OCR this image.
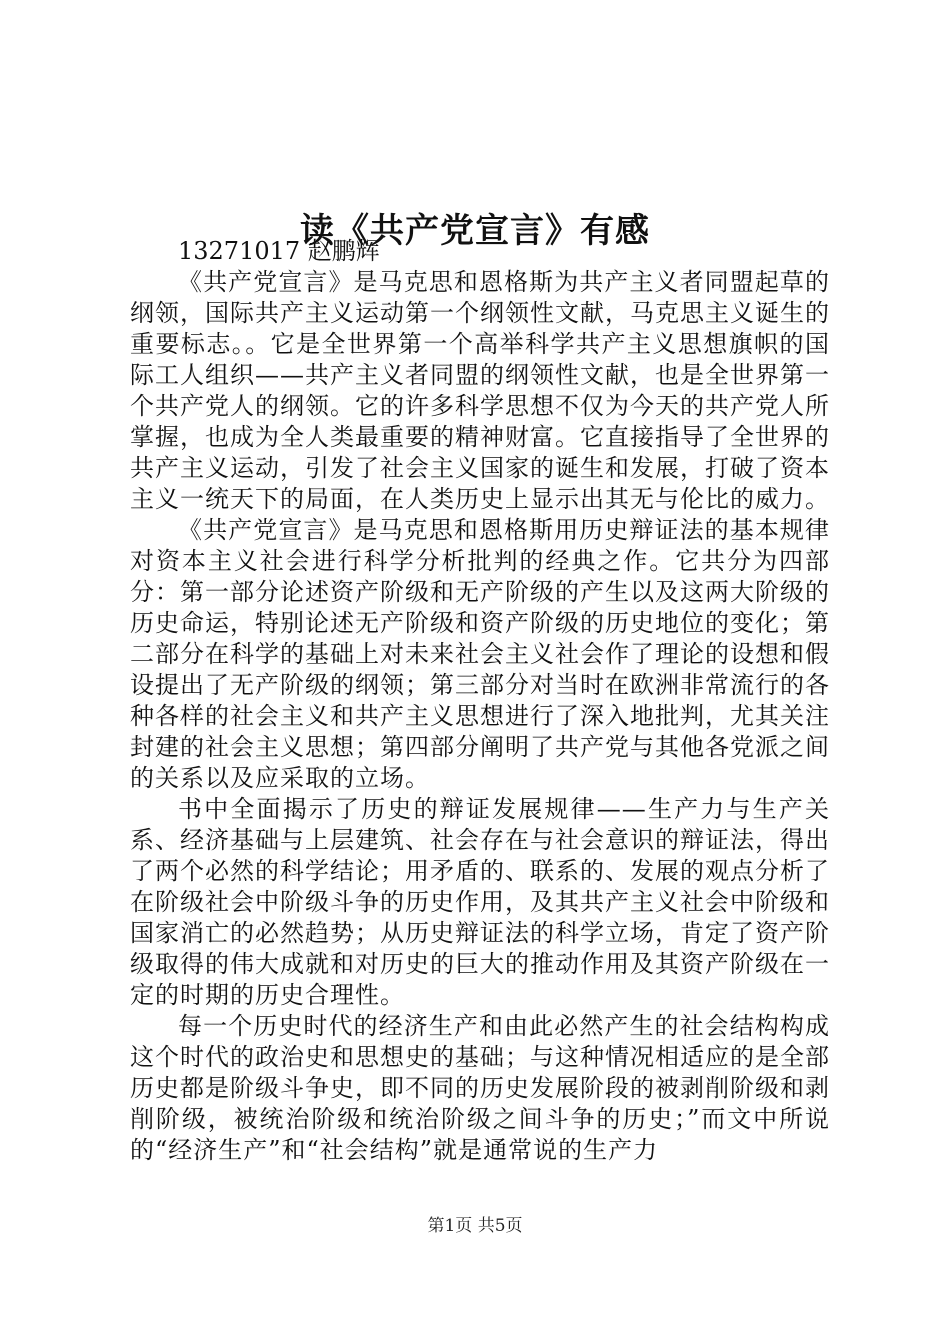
读《共产党宣言》有感

13271017 赵鹏辉

《共产党宣言》是马克思和恩格斯为共产主义者同盟起草的纲领，国际共产主义运动第一个纲领性文献，马克思主义诞生的重要标志。。它是全世界第一个高举科学共产主义思想旗帜的国际工人组织——共产主义者同盟的纲领性文献，也是全世界第一个共产党人的纲领。它的许多科学思想不仅为今天的共产党人所掌握，也成为全人类最重要的精神财富。它直接指导了全世界的共产主义运动，引发了社会主义国家的诞生和发展，打破了资本主义一统天下的局面，在人类历史上显示出其无与伦比的威力。

《共产党宣言》是马克思和恩格斯用历史辩证法的基本规律对资本主义社会进行科学分析批判的经典之作。它共分为四部分：第一部分论述资产阶级和无产阶级的产生以及这两大阶级的历史命运，特别论述无产阶级和资产阶级的历史地位的变化；第二部分在科学的基础上对未来社会主义社会作了理论的设想和假设提出了无产阶级的纲领；第三部分对当时在欧洲非常流行的各种各样的社会主义和共产主义思想进行了深入地批判，尤其关注封建的社会主义思想；第四部分阐明了共产党与其他各党派之间的关系以及应采取的立场。

书中全面揭示了历史的辩证发展规律——生产力与生产关系、经济基础与上层建筑、社会存在与社会意识的辩证法，得出了两个必然的科学结论；用矛盾的、联系的、发展的观点分析了在阶级社会中阶级斗争的历史作用，及其共产主义社会中阶级和国家消亡的必然趋势；从历史辩证法的科学立场，肯定了资产阶级取得的伟大成就和对历史的巨大的推动作用及其资产阶级在一定的时期的历史合理性。

每一个历史时代的经济生产和由此必然产生的社会结构构成这个时代的政治史和思想史的基础；与这种情况相适应的是全部历史都是阶级斗争史，即不同的历史发展阶段的被剥削阶级和剥削阶级，被统治阶级和统治阶级之间斗争的历史；”而文中所说的“经济生产”和“社会结构”就是通常说的生产力

第1页 共5页
